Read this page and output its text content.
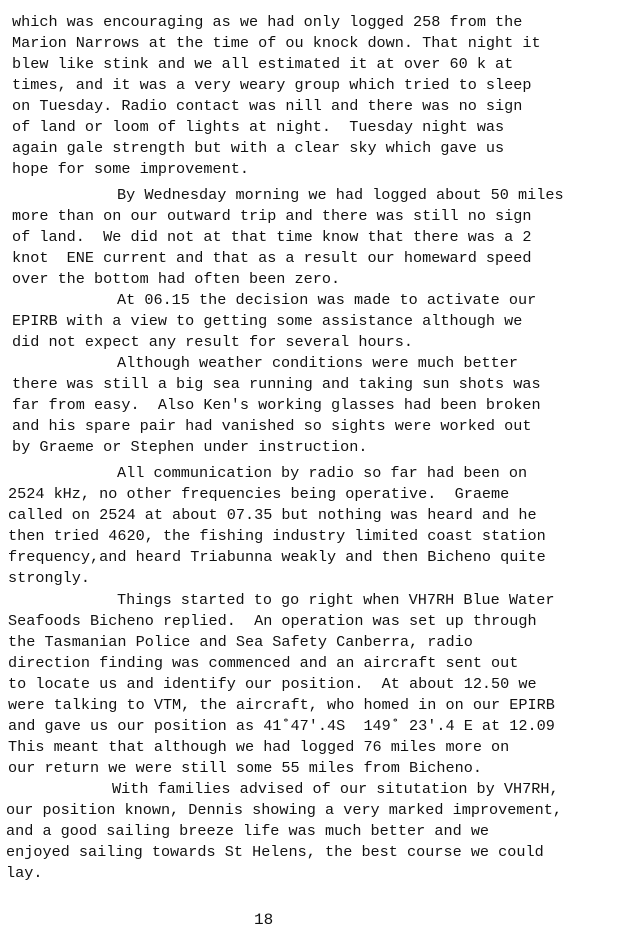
which was encouraging as we had only logged 258 from the
Marion Narrows at the time of ou knock down. That night it
blew like stink and we all estimated it at over 60 k at
times, and it was a very weary group which tried to sleep
on Tuesday. Radio contact was nill and there was no sign
of land or loom of lights at night.  Tuesday night was
again gale strength but with a clear sky which gave us
hope for some improvement.
By Wednesday morning we had logged about 50 miles
more than on our outward trip and there was still no sign
of land.  We did not at that time know that there was a 2
knot  ENE current and that as a result our homeward speed
over the bottom had often been zero.
At 06.15 the decision was made to activate our
EPIRB with a view to getting some assistance although we
did not expect any result for several hours.
Although weather conditions were much better
there was still a big sea running and taking sun shots was
far from easy.  Also Ken's working glasses had been broken
and his spare pair had vanished so sights were worked out
by Graeme or Stephen under instruction.
All communication by radio so far had been on
2524 kHz, no other frequencies being operative.  Graeme
called on 2524 at about 07.35 but nothing was heard and he
then tried 4620, the fishing industry limited coast station
frequency,and heard Triabunna weakly and then Bicheno quite
strongly.
Things started to go right when VH7RH Blue Water
Seafoods Bicheno replied.  An operation was set up through
the Tasmanian Police and Sea Safety Canberra, radio
direction finding was commenced and an aircraft sent out
to locate us and identify our position.  At about 12.50 we
were talking to VTM, the aircraft, who homed in on our EPIRB
and gave us our position as 41˚47'.4S  149˚ 23'.4 E at 12.09
This meant that although we had logged 76 miles more on
our return we were still some 55 miles from Bicheno.
With families advised of our situtation by VH7RH,
our position known, Dennis showing a very marked improvement,
and a good sailing breeze life was much better and we
enjoyed sailing towards St Helens, the best course we could
lay.
18
